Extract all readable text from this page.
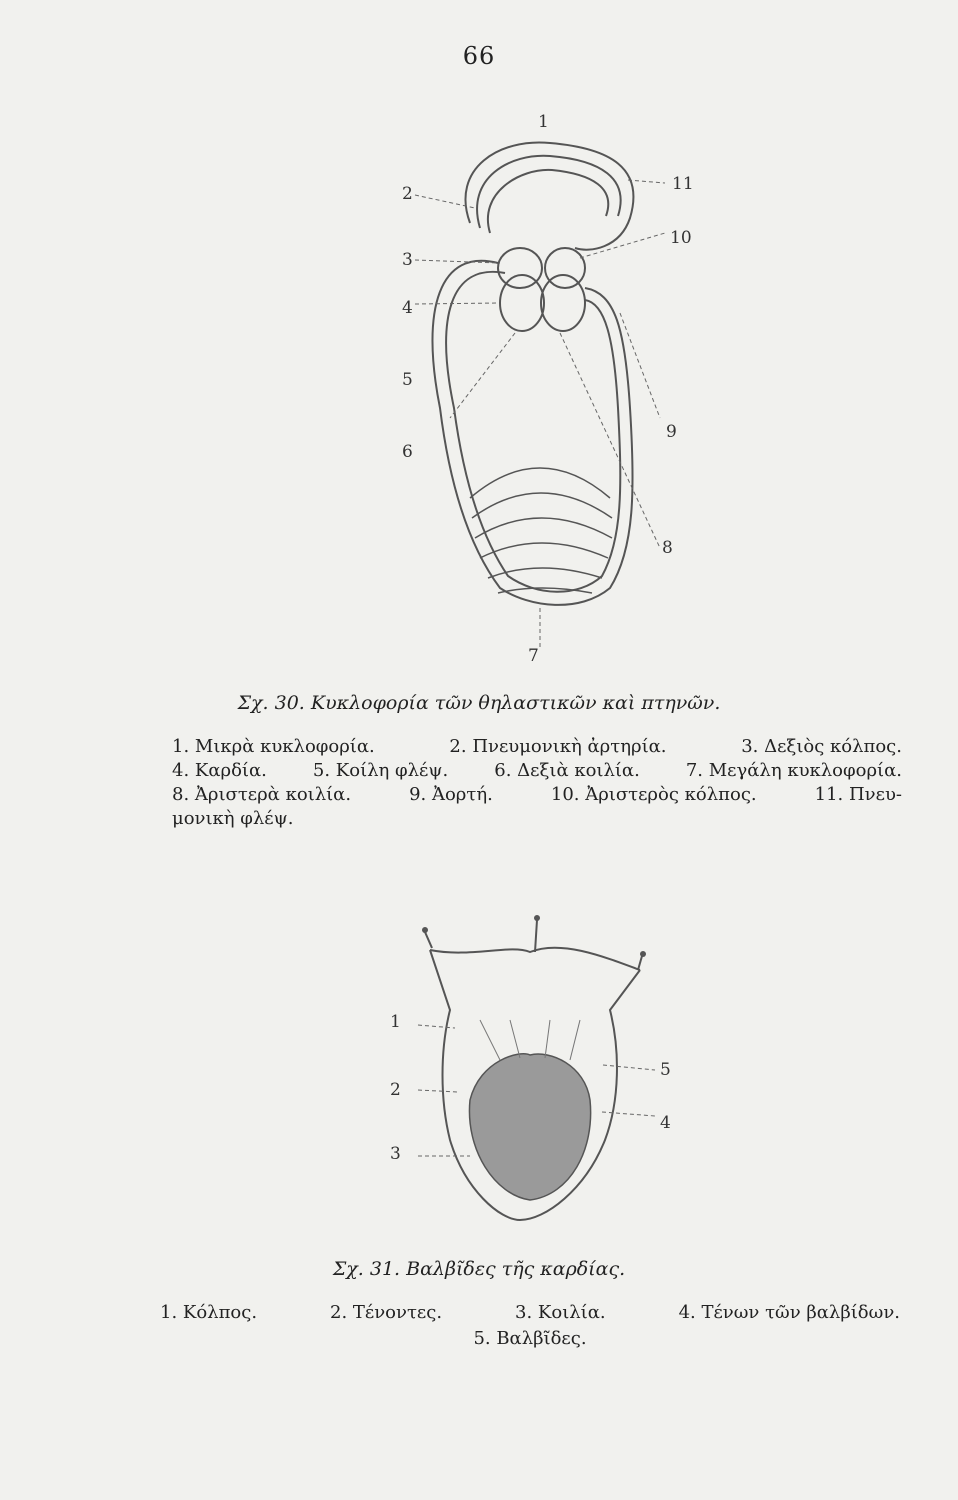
66
1
2
3
4
5
6
7
8
9
10
11
Σχ. 30. Κυκλοφορία τῶν θηλαστικῶν καὶ πτηνῶν.
1. Μικρὰ κυκλοφορία.	2. Πνευμονικὴ ἀρτηρία.	3. Δεξιὸς κόλπος.
4. Καρδία.	5. Κοίλη φλέψ.	6. Δεξιὰ κοιλία.	7. Μεγάλη κυκλοφορία.
8. Ἀριστερὰ κοιλία.	9. Ἀορτή.	10. Ἀριστερὸς κόλπος.	11. Πνευ-
μονικὴ φλέψ.
1
2
3
4
5
Σχ. 31. Βαλβῖδες τῆς καρδίας.
1. Κόλπος.	2. Τένοντες.	3. Κοιλία.	4. Τένων τῶν βαλβίδων.
5. Βαλβῖδες.
